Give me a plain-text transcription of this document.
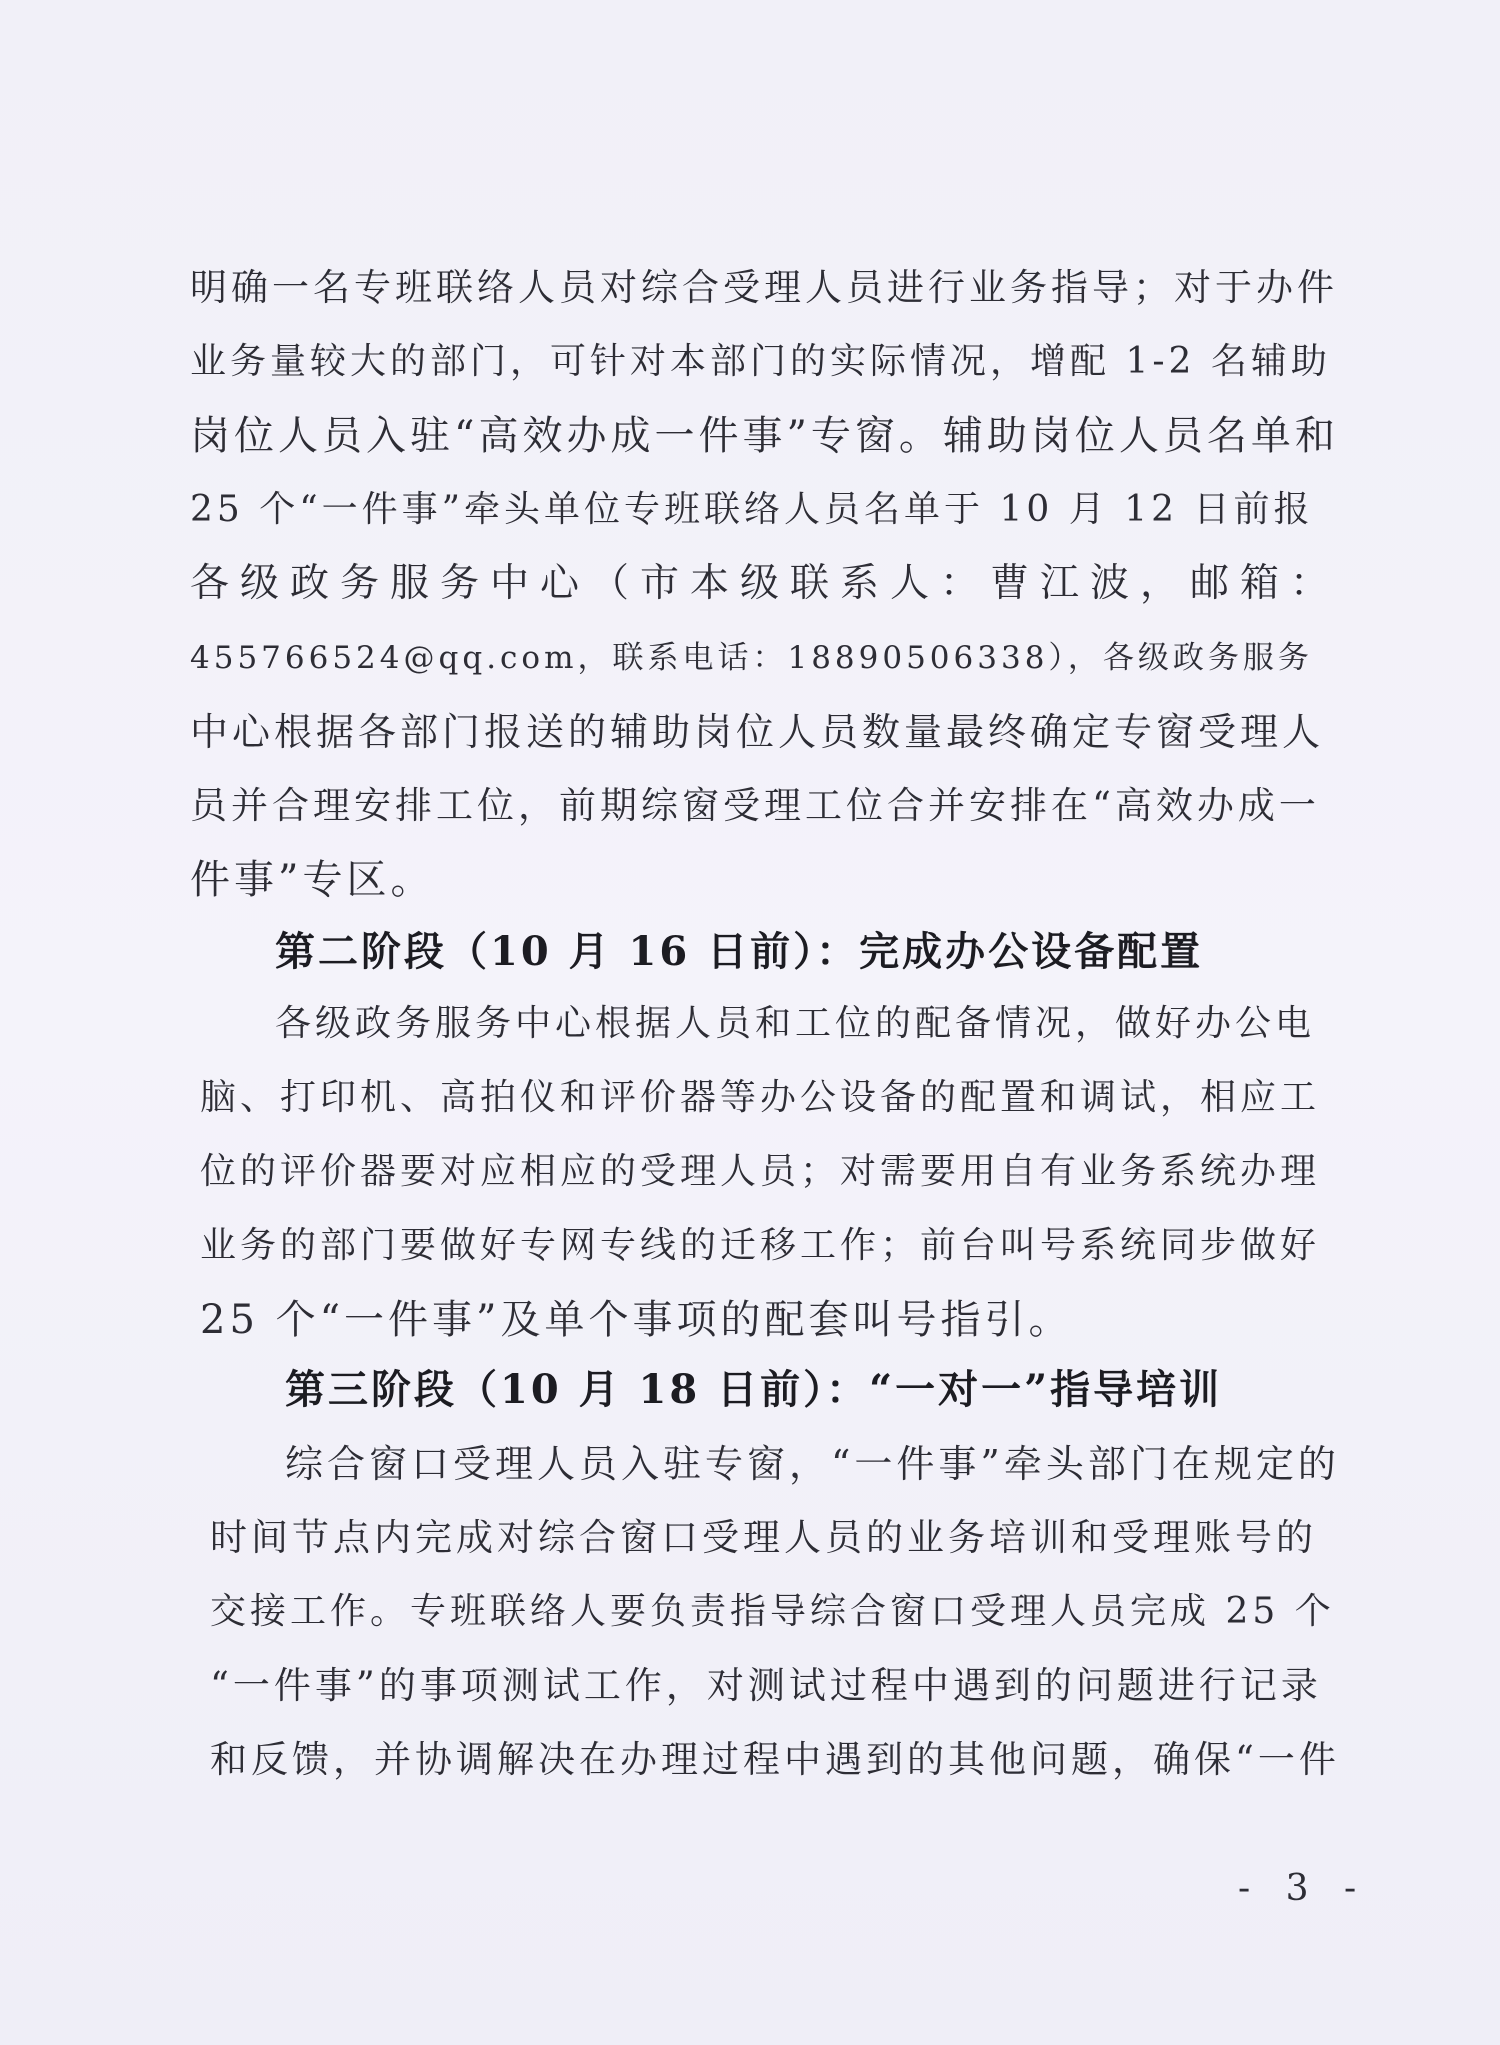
明确一名专班联络人员对综合受理人员进行业务指导；对于办件
业务量较大的部门，可针对本部门的实际情况，增配 1-2 名辅助
岗位人员入驻“高效办成一件事”专窗。辅助岗位人员名单和
25 个“一件事”牵头单位专班联络人员名单于 10 月 12 日前报
各级政务服务中心（市本级联系人：曹江波，邮箱：
455766524@qq.com，联系电话：18890506338），各级政务服务
中心根据各部门报送的辅助岗位人员数量最终确定专窗受理人
员并合理安排工位，前期综窗受理工位合并安排在“高效办成一
件事”专区。
第二阶段（10 月 16 日前）：完成办公设备配置
各级政务服务中心根据人员和工位的配备情况，做好办公电
脑、打印机、高拍仪和评价器等办公设备的配置和调试，相应工
位的评价器要对应相应的受理人员；对需要用自有业务系统办理
业务的部门要做好专网专线的迁移工作；前台叫号系统同步做好
25 个“一件事”及单个事项的配套叫号指引。
第三阶段（10 月 18 日前）：“一对一”指导培训
综合窗口受理人员入驻专窗，“一件事”牵头部门在规定的
时间节点内完成对综合窗口受理人员的业务培训和受理账号的
交接工作。专班联络人要负责指导综合窗口受理人员完成 25 个
“一件事”的事项测试工作，对测试过程中遇到的问题进行记录
和反馈，并协调解决在办理过程中遇到的其他问题，确保“一件
- 3 -
